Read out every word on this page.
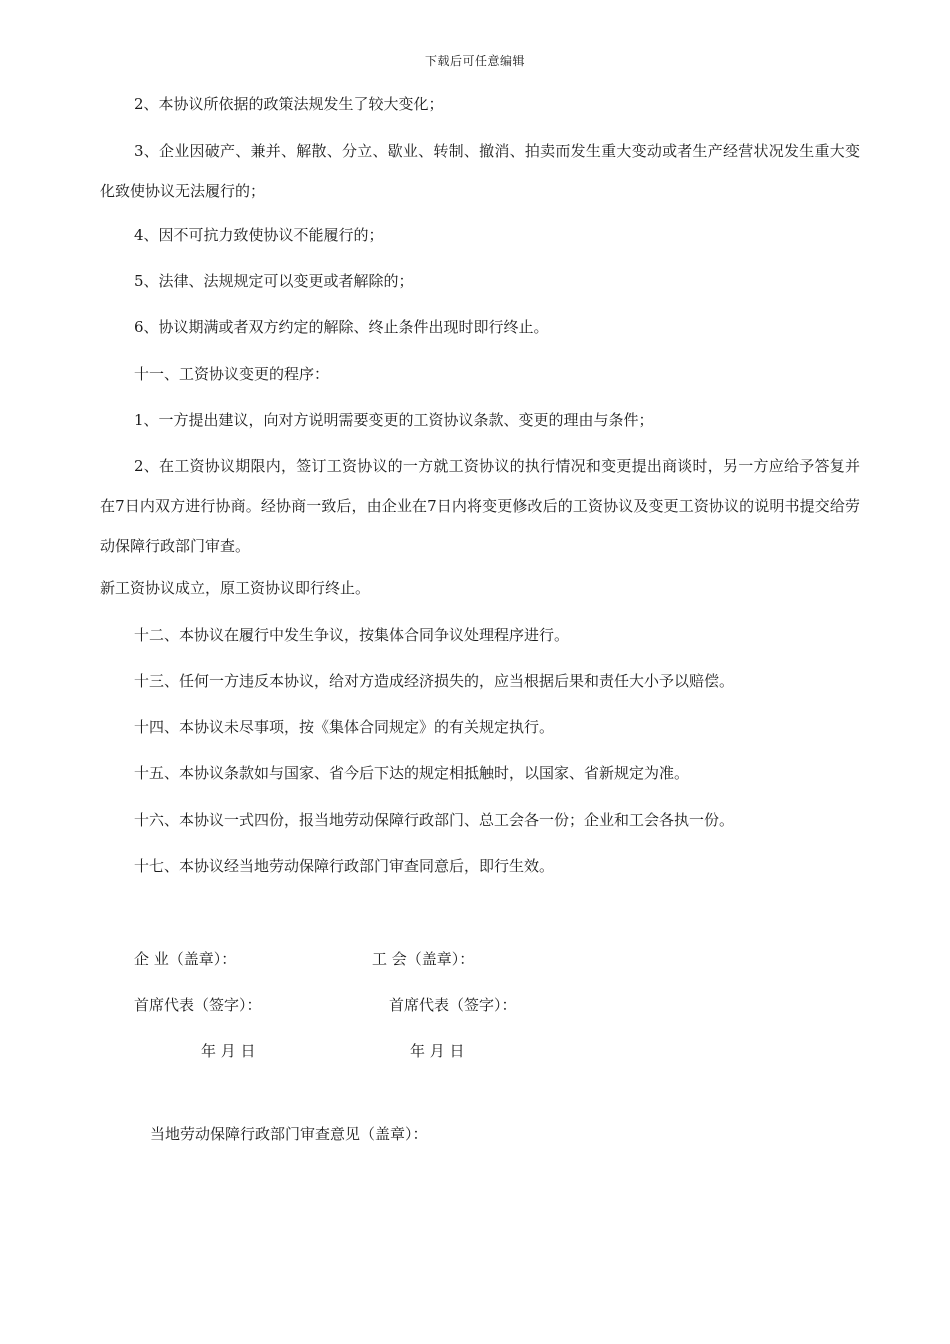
下载后可任意编辑
2、本协议所依据的政策法规发生了较大变化；
3、企业因破产、兼并、解散、分立、歇业、转制、撤消、拍卖而发生重大变动或者生产经营状况发生重大变化致使协议无法履行的；
4、因不可抗力致使协议不能履行的；
5、法律、法规规定可以变更或者解除的；
6、协议期满或者双方约定的解除、终止条件出现时即行终止。
十一、工资协议变更的程序：
1、一方提出建议，向对方说明需要变更的工资协议条款、变更的理由与条件；
2、在工资协议期限内，签订工资协议的一方就工资协议的执行情况和变更提出商谈时，另一方应给予答复并在7日内双方进行协商。经协商一致后，由企业在7日内将变更修改后的工资协议及变更工资协议的说明书提交给劳动保障行政部门审查。
新工资协议成立，原工资协议即行终止。
十二、本协议在履行中发生争议，按集体合同争议处理程序进行。
十三、任何一方违反本协议，给对方造成经济损失的，应当根据后果和责任大小予以赔偿。
十四、本协议未尽事项，按《集体合同规定》的有关规定执行。
十五、本协议条款如与国家、省今后下达的规定相抵触时，以国家、省新规定为准。
十六、本协议一式四份，报当地劳动保障行政部门、总工会各一份；企业和工会各执一份。
十七、本协议经当地劳动保障行政部门审查同意后，即行生效。
企 业（盖章）：	工 会（盖章）：
首席代表（签字）：	首席代表（签字）：
年 月 日	年 月 日
当地劳动保障行政部门审查意见（盖章）：
